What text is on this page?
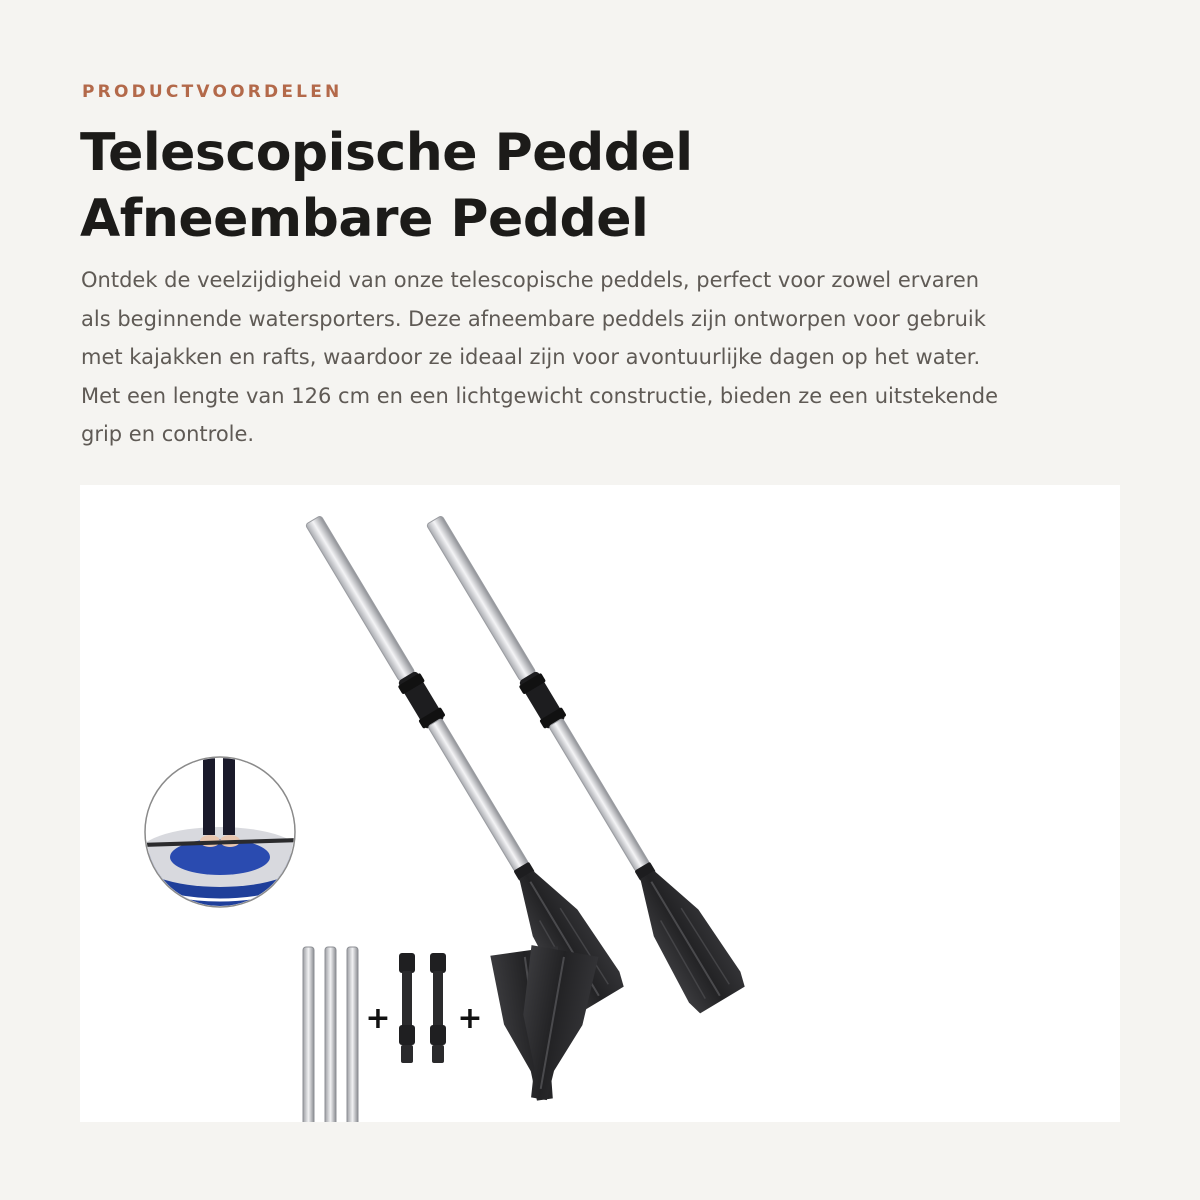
PRODUCTVOORDELEN
Telescopische Peddel
Afneembare Peddel

Ontdek de veelzijdigheid van onze telescopische peddels, perfect voor zowel ervaren
als beginnende watersporters. Deze afneembare peddels zijn ontworpen voor gebruik
met kajakken en rafts, waardoor ze ideaal zijn voor avontuurlijke dagen op het water.
Met een lengte van 126 cm en een lichtgewicht constructie, bieden ze een uitstekende
grip en controle.

+ +
